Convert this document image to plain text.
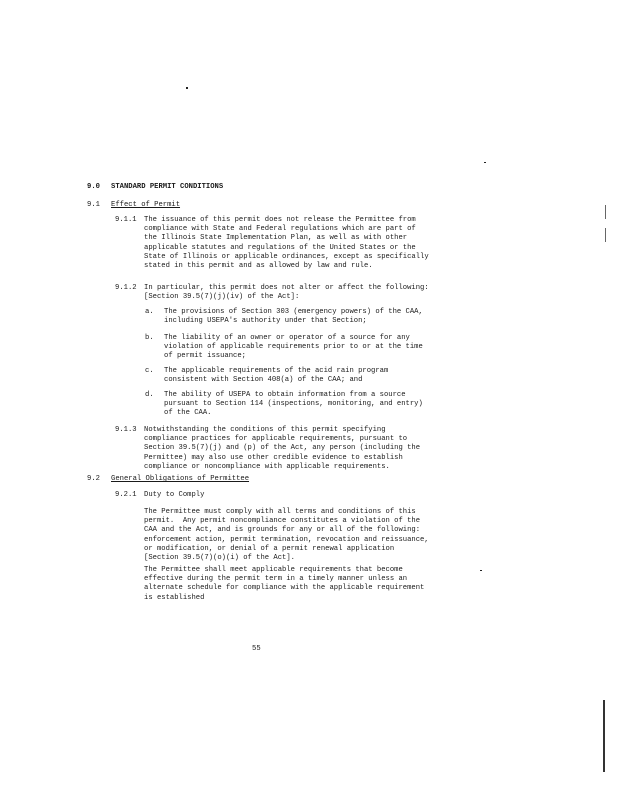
9.0 STANDARD PERMIT CONDITIONS
9.1 Effect of Permit
9.1.1 The issuance of this permit does not release the Permittee from compliance with State and Federal regulations which are part of the Illinois State Implementation Plan, as well as with other applicable statutes and regulations of the United States or the State of Illinois or applicable ordinances, except as specifically stated in this permit and as allowed by law and rule.
9.1.2 In particular, this permit does not alter or affect the following: [Section 39.5(7)(j)(iv) of the Act]:
a. The provisions of Section 303 (emergency powers) of the CAA, including USEPA's authority under that Section;
b. The liability of an owner or operator of a source for any violation of applicable requirements prior to or at the time of permit issuance;
c. The applicable requirements of the acid rain program consistent with Section 408(a) of the CAA; and
d. The ability of USEPA to obtain information from a source pursuant to Section 114 (inspections, monitoring, and entry) of the CAA.
9.1.3 Notwithstanding the conditions of this permit specifying compliance practices for applicable requirements, pursuant to Section 39.5(7)(j) and (p) of the Act, any person (including the Permittee) may also use other credible evidence to establish compliance or noncompliance with applicable requirements.
9.2 General Obligations of Permittee
9.2.1 Duty to Comply
The Permittee must comply with all terms and conditions of this permit.  Any permit noncompliance constitutes a violation of the CAA and the Act, and is grounds for any or all of the following: enforcement action, permit termination, revocation and reissuance, or modification, or denial of a permit renewal application  [Section 39.5(7)(o)(i) of the Act].
The Permittee shall meet applicable requirements that become effective during the permit term in a timely manner unless an alternate schedule for compliance with the applicable requirement is established
55
